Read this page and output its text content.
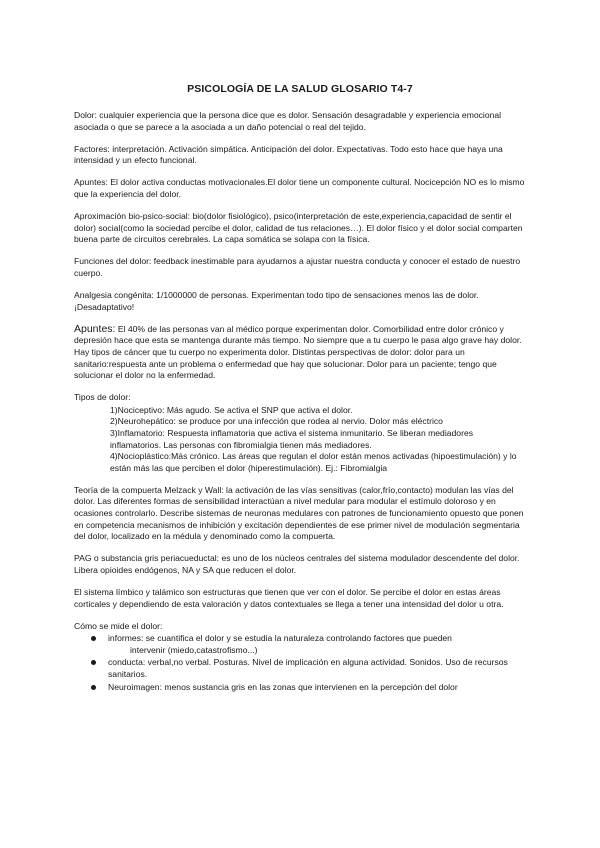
PSICOLOGÍA DE LA SALUD GLOSARIO T4-7

Dolor: cualquier experiencia que la persona dice que es dolor. Sensación desagradable y experiencia emocional asociada o que se parece a la asociada a un daño potencial o real del tejido.

Factores: interpretación. Activación simpática. Anticipación del dolor. Expectativas. Todo esto hace que haya una intensidad y un efecto funcional.

Apuntes: El dolor activa conductas motivacionales.El dolor tiene un componente cultural. Nocicepción NO es lo mismo que la experiencia del dolor.

Aproximación bio-psico-social: bio(dolor fisiológico), psico(interpretación de este,experiencia,capacidad de sentir el dolor) social(como la sociedad percibe el dolor, calidad de tus relaciones…). El dolor físico y el dolor social comparten buena parte de circuitos cerebrales. La capa somática se solapa con la física.

Funciones del dolor: feedback inestimable para ayudarnos a ajustar nuestra conducta y conocer el estado de nuestro cuerpo.

Analgesia congénita: 1/1000000 de personas. Experimentan todo tipo de sensaciones menos las de dolor.¡Desadaptativo!

Apuntes: El 40% de las personas van al médico porque experimentan dolor. Comorbilidad entre dolor crónico y depresión hace que esta se mantenga durante más tiempo. No siempre que a tu cuerpo le pasa algo grave hay dolor. Hay tipos de cáncer que tu cuerpo no experimenta dolor. Distintas perspectivas de dolor: dolor para un sanitario:respuesta ante un problema o enfermedad que hay que solucionar. Dolor para un paciente; tengo que solucionar el dolor no la enfermedad.

Tipos de dolor:

1)Nociceptivo: Más agudo. Se activa el SNP que activa el dolor.
2)Neurohepático: se produce por una infección que rodea al nervio. Dolor más eléctrico
3)Inflamatorio: Respuesta inflamatoria que activa el sistema inmunitario. Se liberan mediadores inflamatorios. Las personas con fibromialgia tienen más mediadores.
4)Nocioplástico:Más crónico. Las áreas que regulan el dolor están menos activadas (hipoestimulación) y lo están más las que perciben el dolor (hiperestimulación). Ej.: Fibromialgia

Teoría de la compuerta Melzack y Wall: la activación de las vías sensitivas (calor,frío,contacto) modulan las vías del dolor. Las diferentes formas de sensibilidad interactúan a nivel medular para modular el estímulo doloroso y en ocasiones controlarlo. Describe sistemas de neuronas medulares con patrones de funcionamiento opuesto que ponen en competencia mecanismos de inhibición y excitación dependientes de ese primer nivel de modulación segmentaria del dolor, localizado en la médula y denominado como la compuerta.

PAG o substancia gris periacueductal: es uno de los núcleos centrales del sistema modulador descendente del dolor. Libera opioides endógenos, NA y SA que reducen el dolor.

El sistema límbico y talámico son estructuras que tienen que ver con el dolor. Se percibe el dolor en estas áreas corticales y dependiendo de esta valoración y datos contextuales se llega a tener una intensidad del dolor u otra.

Cómo se mide el dolor:

informes: se cuantifica el dolor y se estudia la naturaleza controlando factores que pueden
intervenir (miedo,catastrofismo...)
conducta: verbal,no verbal. Posturas. Nivel de implicación en alguna actividad. Sonidos. Uso de recursos sanitarios.
Neuroimagen: menos sustancia gris en las zonas que intervienen en la percepción del dolor
